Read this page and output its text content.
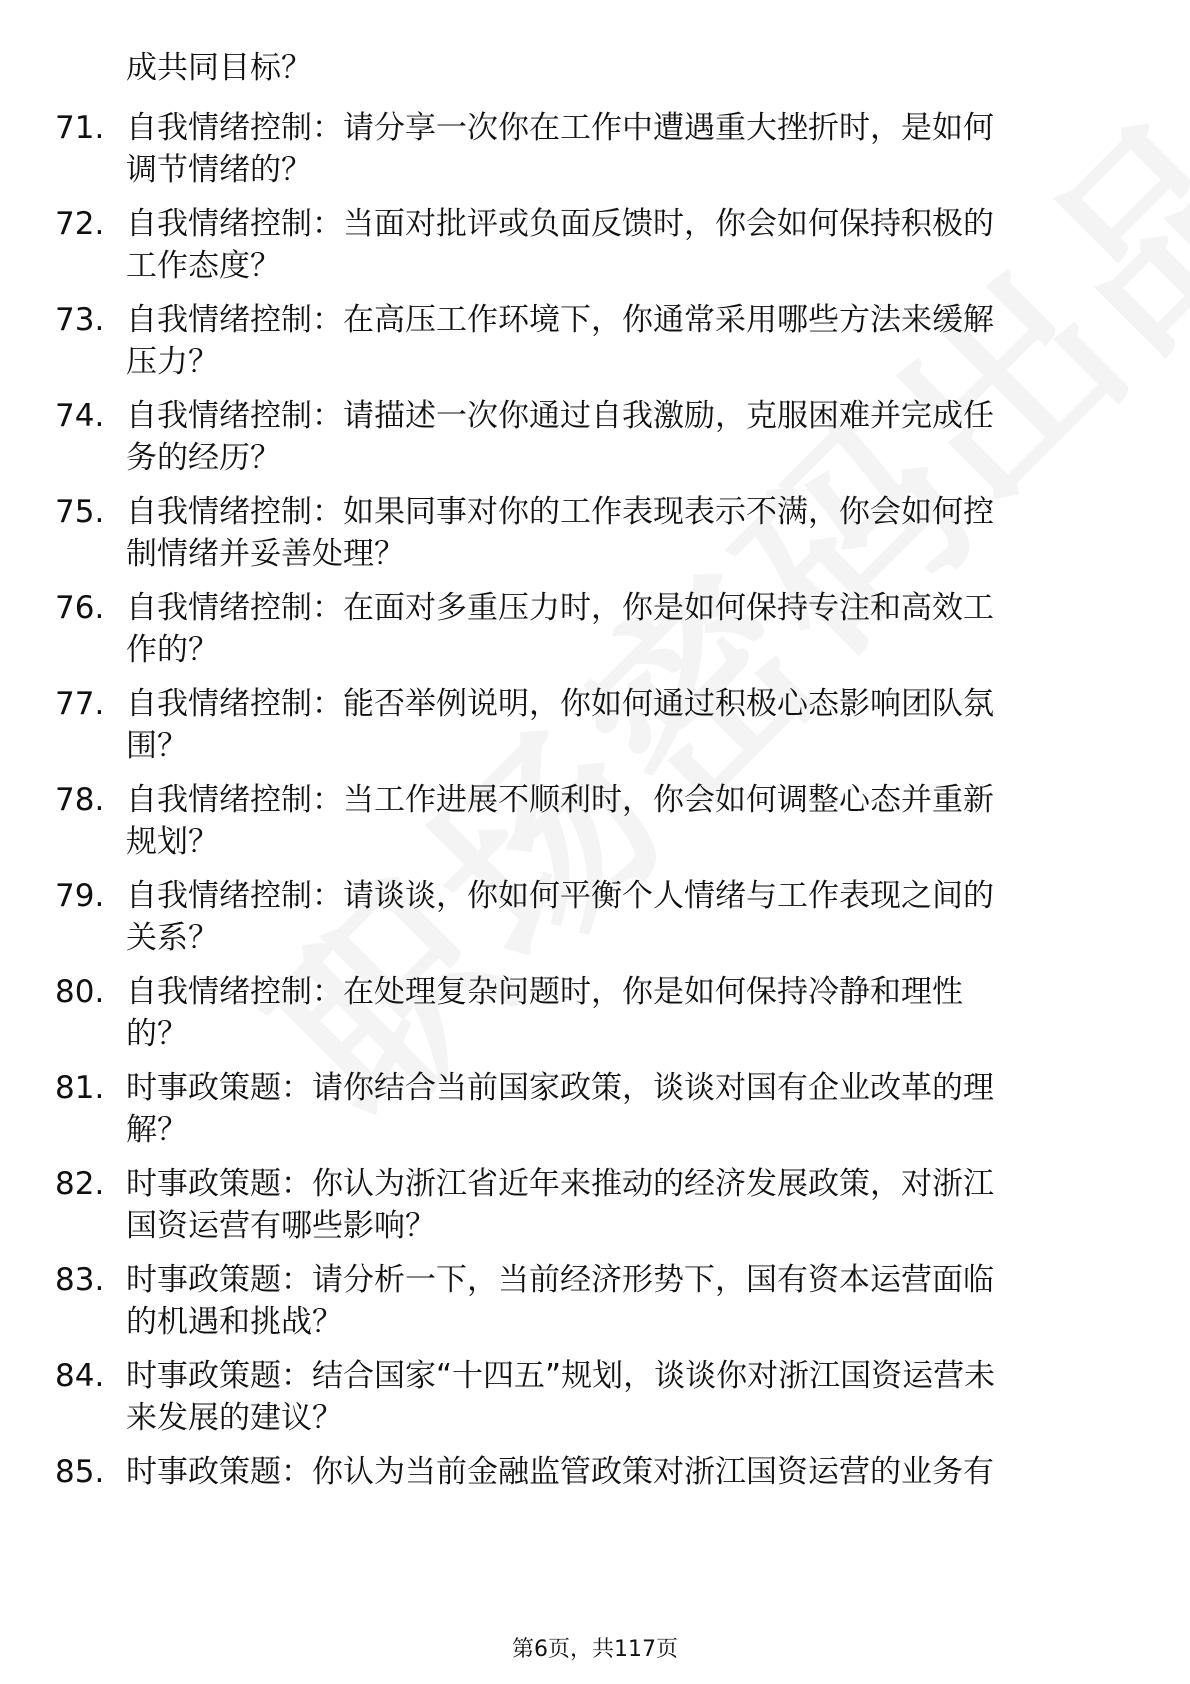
成共同目标？
71. 自我情绪控制：请分享一次你在工作中遭遇重大挫折时，是如何
调节情绪的？
72. 自我情绪控制：当面对批评或负面反馈时，你会如何保持积极的
工作态度？
73. 自我情绪控制：在高压工作环境下，你通常采用哪些方法来缓解
压力？
74. 自我情绪控制：请描述一次你通过自我激励，克服困难并完成任
务的经历？
75. 自我情绪控制：如果同事对你的工作表现表示不满，你会如何控
制情绪并妥善处理？
76. 自我情绪控制：在面对多重压力时，你是如何保持专注和高效工
作的？
77. 自我情绪控制：能否举例说明，你如何通过积极心态影响团队氛
围？
78. 自我情绪控制：当工作进展不顺利时，你会如何调整心态并重新
规划？
79. 自我情绪控制：请谈谈，你如何平衡个人情绪与工作表现之间的
关系？
80. 自我情绪控制：在处理复杂问题时，你是如何保持冷静和理性
的？
81. 时事政策题：请你结合当前国家政策，谈谈对国有企业改革的理
解？
82. 时事政策题：你认为浙江省近年来推动的经济发展政策，对浙江
国资运营有哪些影响？
83. 时事政策题：请分析一下，当前经济形势下，国有资本运营面临
的机遇和挑战？
84. 时事政策题：结合国家“十四五”规划，谈谈你对浙江国资运营未
来发展的建议？
85. 时事政策题：你认为当前金融监管政策对浙江国资运营的业务有
第6页，共117页
